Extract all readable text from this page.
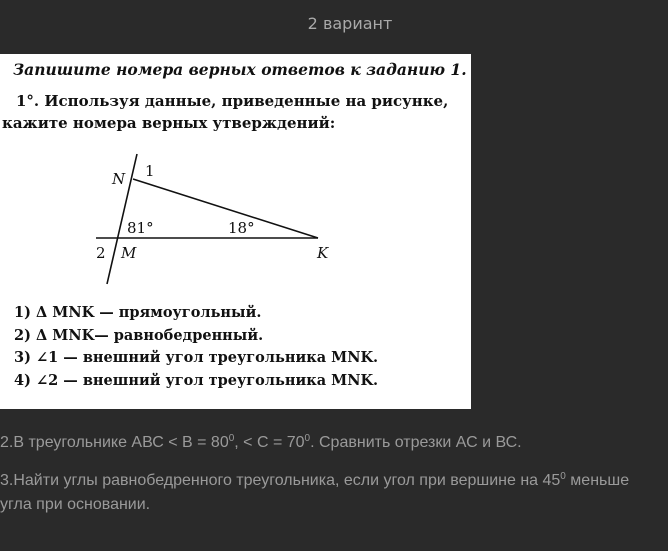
2 вариант
Запишите номера верных ответов к заданию 1.
1°. Используя данные, приведенные на рисунке,
кажите номера верных утверждений:
N 1
81°	18°
2 M	K
1) Δ MNK — прямоугольный.
2) Δ MNK— равнобедренный.
3) ∠1 — внешний угол треугольника MNK.
4) ∠2 — внешний угол треугольника MNK.
2.В треугольнике АВС < $В = 80^0$, < $С = 70^0$. Сравнить отрезки АС и ВС.
3.Найти углы равнобедренного треугольника, если угол при вершине на $45^0$ меньше
угла при основании.
